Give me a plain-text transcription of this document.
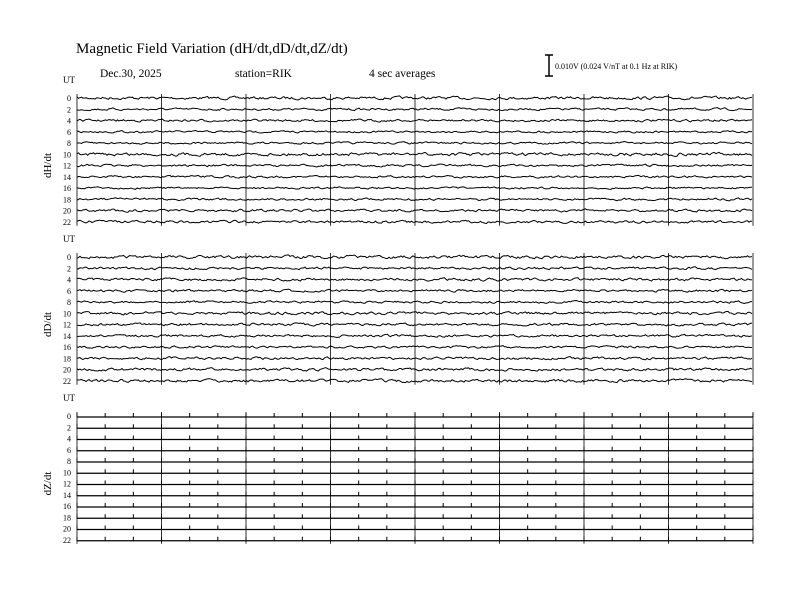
Magnetic Field Variation (dH/dt,dD/dt,dZ/dt)
Dec.30, 2025	station=RIK	4 sec averages
0.010V (0.024 V/nT at 0.1 Hz at RIK)
UT
dH/dt
0
2
4
6
8
10
12
14
16
18
20
22
UT
dD/dt
0
2
4
6
8
10
12
14
16
18
20
22
UT
dZ/dt
0
2
4
6
8
10
12
14
16
18
20
22
